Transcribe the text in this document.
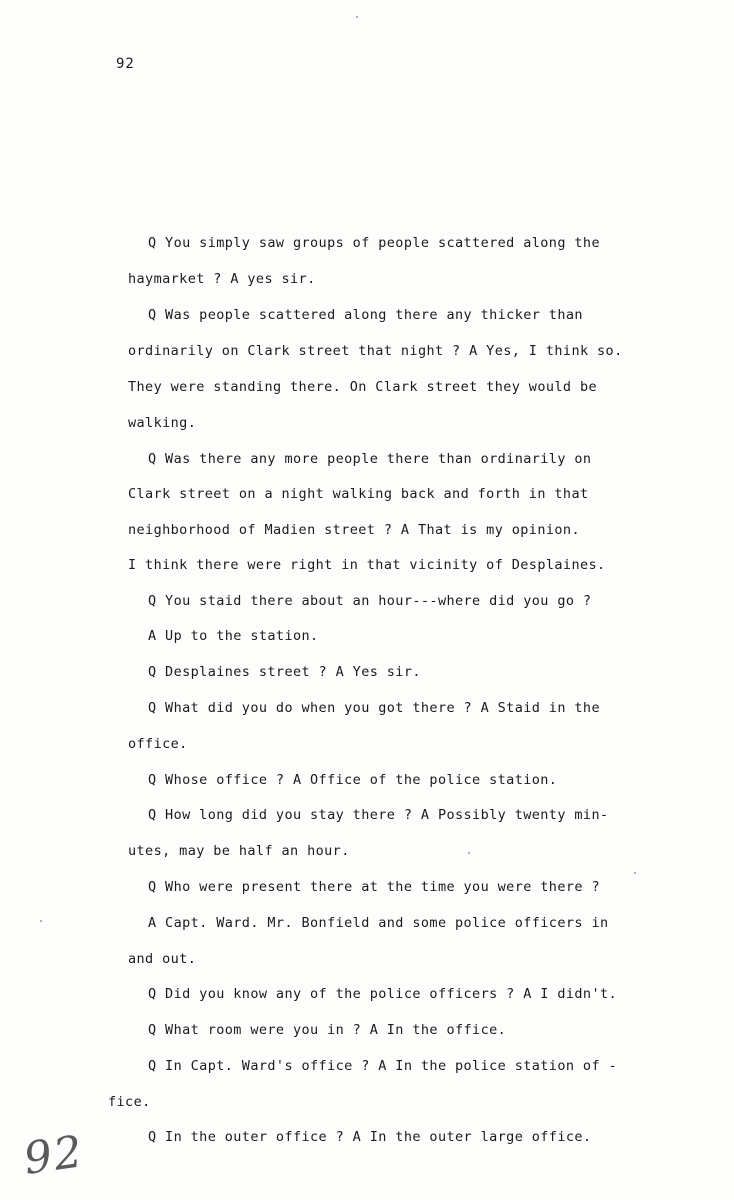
92
Q You simply saw groups of people scattered along the
haymarket ? A yes sir.
Q Was people scattered along there any thicker than
ordinarily on Clark street that night ? A Yes, I think so.
They were standing there. On Clark street they would be
walking.
Q Was there any more people there than ordinarily on
Clark street on a night walking back and forth in that
neighborhood of Madien street ? A That is my opinion.
I think there were right in that vicinity of Desplaines.
Q You staid there about an hour---where did you go ?
A Up to the station.
Q Desplaines street ? A Yes sir.
Q What did you do when you got there ? A Staid in the
office.
Q Whose office ? A Office of the police station.
Q How long did you stay there ? A Possibly twenty min-
utes, may be half an hour.
Q Who were present there at the time you were there ?
A Capt. Ward. Mr. Bonfield and some police officers in
and out.
Q Did you know any of the police officers ? A I didn't.
Q What room were you in ? A In the office.
Q In Capt. Ward's office ? A In the police station of -
fice.
Q In the outer office ? A In the outer large office.
92
